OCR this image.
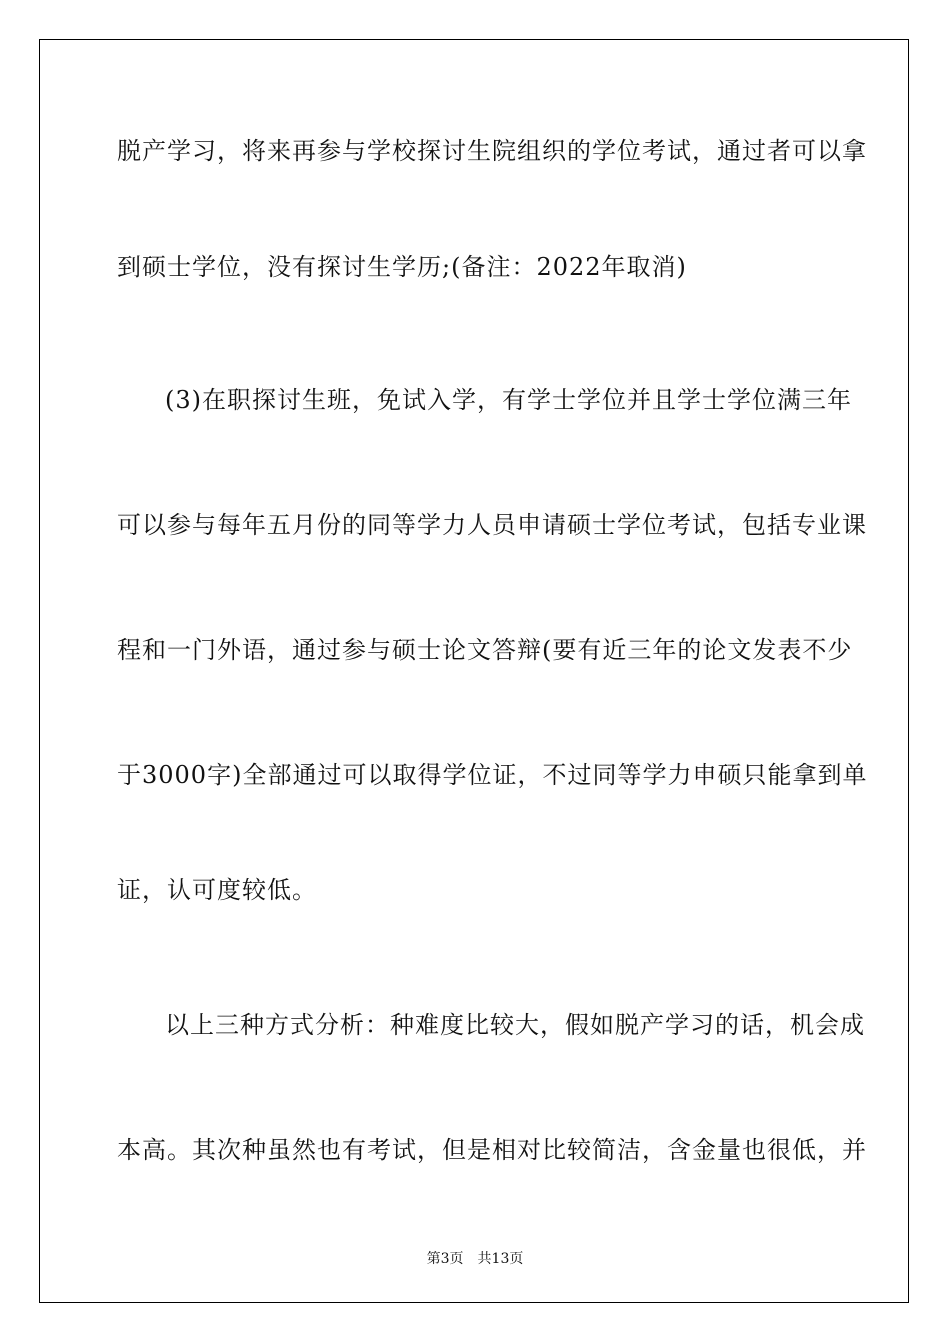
脱产学习，将来再参与学校探讨生院组织的学位考试，通过者可以拿
到硕士学位，没有探讨生学历;(备注：2022年取消)
(3)在职探讨生班，免试入学，有学士学位并且学士学位满三年
可以参与每年五月份的同等学力人员申请硕士学位考试，包括专业课
程和一门外语，通过参与硕士论文答辩(要有近三年的论文发表不少
于3000字)全部通过可以取得学位证，不过同等学力申硕只能拿到单
证，认可度较低。
以上三种方式分析：种难度比较大，假如脱产学习的话，机会成
本高。其次种虽然也有考试，但是相对比较简洁，含金量也很低，并
第3页 共13页
